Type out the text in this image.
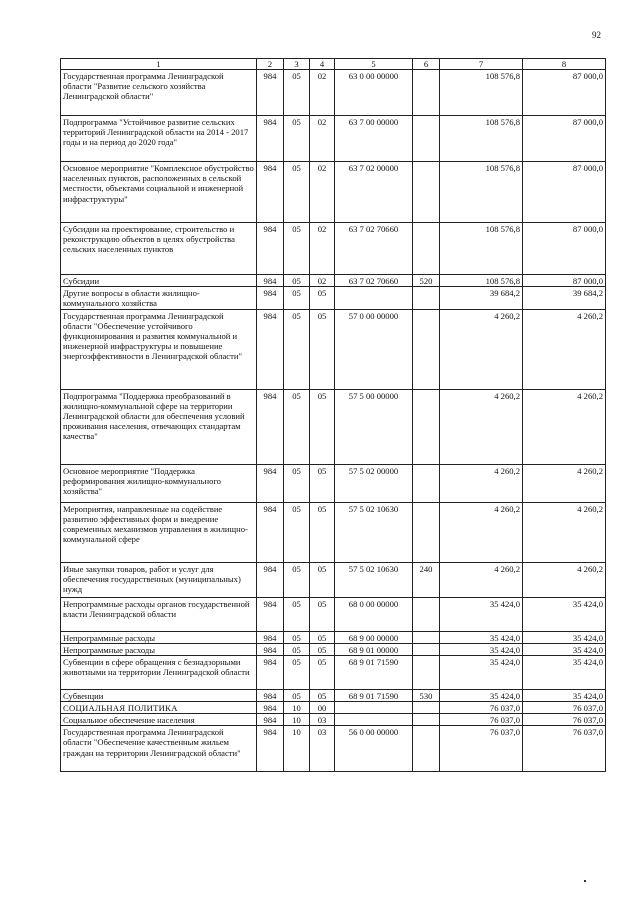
92
1	2	3	4	5	6	7	8
Государственная программа Ленинградской области "Развитие сельского хозяйства Ленинградской области"	984	05	02	63 0 00 00000		108 576,8	87 000,0
Подпрограмма "Устойчивое развитие сельских территорий Ленинградской области на 2014 - 2017 годы и на период до 2020 года"	984	05	02	63 7 00 00000		108 576,8	87 000,0
Основное мероприятие "Комплексное обустройство населенных пунктов, расположенных в сельской местности, объектами социальной и инженерной инфраструктуры"	984	05	02	63 7 02 00000		108 576,8	87 000,0
Субсидии на проектирование, строительство и реконструкцию объектов в целях обустройства сельских населенных пунктов	984	05	02	63 7 02 70660		108 576,8	87 000,0
Субсидии	984	05	02	63 7 02 70660	520	108 576,8	87 000,0
Другие вопросы в области жилищно-коммунального хозяйства	984	05	05			39 684,2	39 684,2
Государственная программа Ленинградской области "Обеспечение устойчивого функционирования и развития коммунальной и инженерной инфраструктуры и повышение энергоэффективности в Ленинградской области"	984	05	05	57 0 00 00000		4 260,2	4 260,2
Подпрограмма "Поддержка преобразований в жилищно-коммунальной сфере на территории Ленинградской области для обеспечения условий проживания населения, отвечающих стандартам качества"	984	05	05	57 5 00 00000		4 260,2	4 260,2
Основное мероприятие "Поддержка реформирования жилищно-коммунального хозяйства"	984	05	05	57 5 02 00000		4 260,2	4 260,2
Мероприятия, направленные на содействие развитию эффективных форм и внедрение современных механизмов управления в жилищно-коммунальной сфере	984	05	05	57 5 02 10630		4 260,2	4 260,2
Иные закупки товаров, работ и услуг для обеспечения государственных (муниципальных) нужд	984	05	05	57 5 02 10630	240	4 260,2	4 260,2
Непрограммные расходы органов государственной власти Ленинградской области	984	05	05	68 0 00 00000		35 424,0	35 424,0
Непрограммные расходы	984	05	05	68 9 00 00000		35 424,0	35 424,0
Непрограммные расходы	984	05	05	68 9 01 00000		35 424,0	35 424,0
Субвенции в сфере обращения с безнадзорными животными на территории Ленинградской области	984	05	05	68 9 01 71590		35 424,0	35 424,0
Субвенции	984	05	05	68 9 01 71590	530	35 424,0	35 424,0
СОЦИАЛЬНАЯ ПОЛИТИКА	984	10	00			76 037,0	76 037,0
Социальное обеспечение населения	984	10	03			76 037,0	76 037,0
Государственная программа Ленинградской области "Обеспечение качественным жильем граждан на территории Ленинградской области"	984	10	03	56 0 00 00000		76 037,0	76 037,0
